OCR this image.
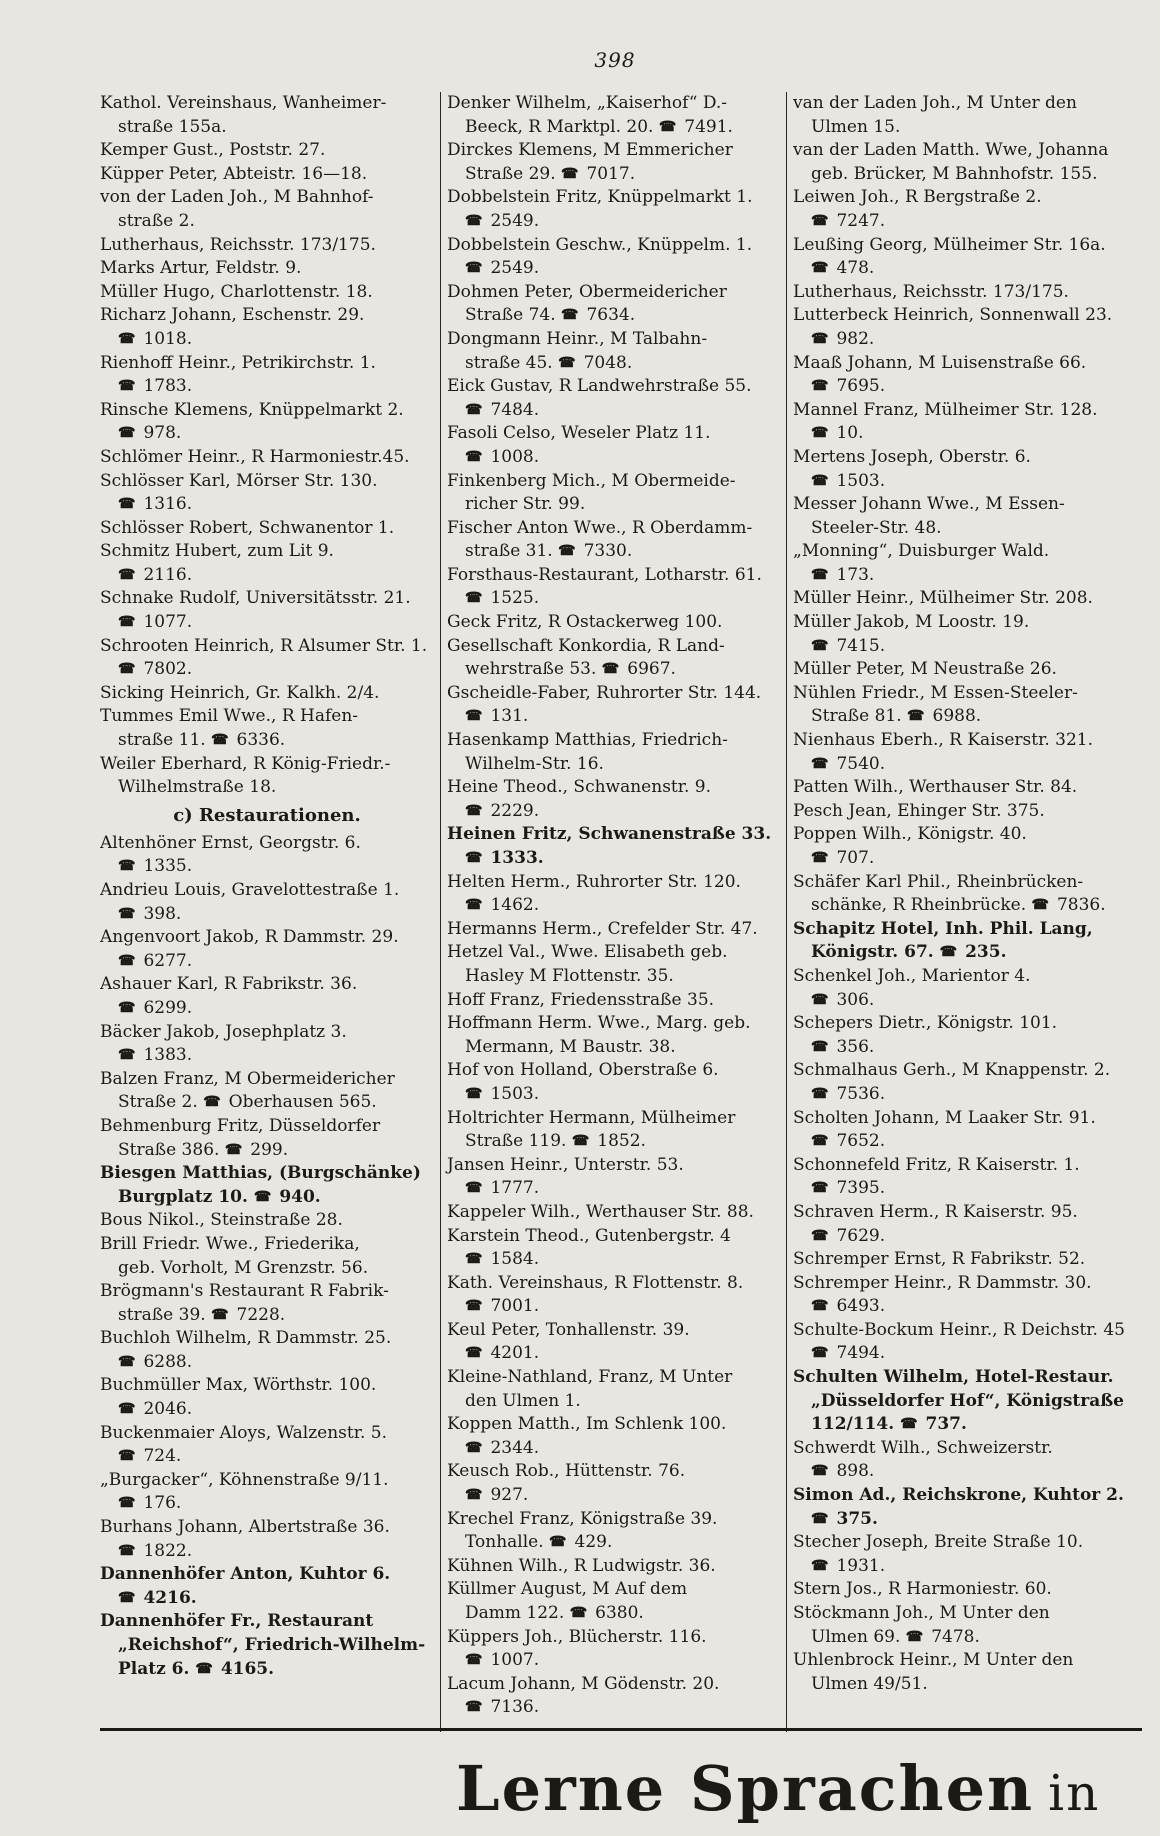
398
Kathol. Vereinshaus, Wanheimer-
straße 155a.
Kemper Gust., Poststr. 27.
Küpper Peter, Abteistr. 16—18.
von der Laden Joh., M Bahnhof-
straße 2.
Lutherhaus, Reichsstr. 173/175.
Marks Artur, Feldstr. 9.
Müller Hugo, Charlottenstr. 18.
Richarz Johann, Eschenstr. 29.
☎1018.
Rienhoff Heinr., Petrikirchstr. 1.
☎1783.
Rinsche Klemens, Knüppelmarkt 2.
☎978.
Schlömer Heinr., R Harmoniestr.45.
Schlösser Karl, Mörser Str. 130.
☎1316.
Schlösser Robert, Schwanentor 1.
Schmitz Hubert, zum Lit 9.
☎2116.
Schnake Rudolf, Universitätsstr. 21.
☎1077.
Schrooten Heinrich, R Alsumer Str. 1.
☎7802.
Sicking Heinrich, Gr. Kalkh. 2/4.
Tummes Emil Wwe., R Hafen-
straße 11. ☎ 6336.
Weiler Eberhard, R König-Friedr.-
Wilhelmstraße 18.
c) Restaurationen.
Altenhöner Ernst, Georgstr. 6.
☎1335.
Andrieu Louis, Gravelottestraße 1.
☎398.
Angenvoort Jakob, R Dammstr. 29.
☎6277.
Ashauer Karl, R Fabrikstr. 36.
☎6299.
Bäcker Jakob, Josephplatz 3.
☎1383.
Balzen Franz, M Obermeidericher
Straße 2. ☎ Oberhausen 565.
Behmenburg Fritz, Düsseldorfer
Straße 386. ☎ 299.
Biesgen Matthias, (Burgschänke)
Burgplatz 10. ☎ 940.
Bous Nikol., Steinstraße 28.
Brill Friedr. Wwe., Friederika,
geb. Vorholt, M Grenzstr. 56.
Brögmann's Restaurant R Fabrik-
straße 39. ☎ 7228.
Buchloh Wilhelm, R Dammstr. 25.
☎6288.
Buchmüller Max, Wörthstr. 100.
☎2046.
Buckenmaier Aloys, Walzenstr. 5.
☎724.
„Burgacker“, Köhnenstraße 9/11.
☎176.
Burhans Johann, Albertstraße 36.
☎1822.
Dannenhöfer Anton, Kuhtor 6.
☎4216.
Dannenhöfer Fr., Restaurant
„Reichshof“, Friedrich-Wilhelm-
Platz 6. ☎ 4165.
Denker Wilhelm, „Kaiserhof“ D.-
Beeck, R Marktpl. 20. ☎ 7491.
Dirckes Klemens, M Emmericher
Straße 29. ☎ 7017.
Dobbelstein Fritz, Knüppelmarkt 1.
☎2549.
Dobbelstein Geschw., Knüppelm. 1.
☎2549.
Dohmen Peter, Obermeidericher
Straße 74. ☎ 7634.
Dongmann Heinr., M Talbahn-
straße 45. ☎ 7048.
Eick Gustav, R Landwehrstraße 55.
☎7484.
Fasoli Celso, Weseler Platz 11.
☎1008.
Finkenberg Mich., M Obermeide-
richer Str. 99.
Fischer Anton Wwe., R Oberdamm-
straße 31. ☎ 7330.
Forsthaus-Restaurant, Lotharstr. 61.
☎1525.
Geck Fritz, R Ostackerweg 100.
Gesellschaft Konkordia, R Land-
wehrstraße 53. ☎ 6967.
Gscheidle-Faber, Ruhrorter Str. 144.
☎131.
Hasenkamp Matthias, Friedrich-
Wilhelm-Str. 16.
Heine Theod., Schwanenstr. 9.
☎2229.
Heinen Fritz, Schwanenstraße 33.
☎1333.
Helten Herm., Ruhrorter Str. 120.
☎1462.
Hermanns Herm., Crefelder Str. 47.
Hetzel Val., Wwe. Elisabeth geb.
Hasley M Flottenstr. 35.
Hoff Franz, Friedensstraße 35.
Hoffmann Herm. Wwe., Marg. geb.
Mermann, M Baustr. 38.
Hof von Holland, Oberstraße 6.
☎1503.
Holtrichter Hermann, Mülheimer
Straße 119. ☎ 1852.
Jansen Heinr., Unterstr. 53.
☎1777.
Kappeler Wilh., Werthauser Str. 88.
Karstein Theod., Gutenbergstr. 4
☎1584.
Kath. Vereinshaus, R Flottenstr. 8.
☎7001.
Keul Peter, Tonhallenstr. 39.
☎4201.
Kleine-Nathland, Franz, M Unter
den Ulmen 1.
Koppen Matth., Im Schlenk 100.
☎2344.
Keusch Rob., Hüttenstr. 76.
☎927.
Krechel Franz, Königstraße 39.
Tonhalle. ☎ 429.
Kühnen Wilh., R Ludwigstr. 36.
Küllmer August, M Auf dem
Damm 122. ☎ 6380.
Küppers Joh., Blücherstr. 116.
☎1007.
Lacum Johann, M Gödenstr. 20.
☎7136.
van der Laden Joh., M Unter den
Ulmen 15.
van der Laden Matth. Wwe, Johanna
geb. Brücker, M Bahnhofstr. 155.
Leiwen Joh., R Bergstraße 2.
☎7247.
Leußing Georg, Mülheimer Str. 16a.
☎478.
Lutherhaus, Reichsstr. 173/175.
Lutterbeck Heinrich, Sonnenwall 23.
☎982.
Maaß Johann, M Luisenstraße 66.
☎7695.
Mannel Franz, Mülheimer Str. 128.
☎10.
Mertens Joseph, Oberstr. 6.
☎1503.
Messer Johann Wwe., M Essen-
Steeler-Str. 48.
„Monning“, Duisburger Wald.
☎173.
Müller Heinr., Mülheimer Str. 208.
Müller Jakob, M Loostr. 19.
☎7415.
Müller Peter, M Neustraße 26.
Nühlen Friedr., M Essen-Steeler-
Straße 81. ☎ 6988.
Nienhaus Eberh., R Kaiserstr. 321.
☎7540.
Patten Wilh., Werthauser Str. 84.
Pesch Jean, Ehinger Str. 375.
Poppen Wilh., Königstr. 40.
☎707.
Schäfer Karl Phil., Rheinbrücken-
schänke, R Rheinbrücke. ☎ 7836.
Schapitz Hotel, Inh. Phil. Lang,
Königstr. 67. ☎ 235.
Schenkel Joh., Marientor 4.
☎306.
Schepers Dietr., Königstr. 101.
☎356.
Schmalhaus Gerh., M Knappenstr. 2.
☎7536.
Scholten Johann, M Laaker Str. 91.
☎7652.
Schonnefeld Fritz, R Kaiserstr. 1.
☎7395.
Schraven Herm., R Kaiserstr. 95.
☎7629.
Schremper Ernst, R Fabrikstr. 52.
Schremper Heinr., R Dammstr. 30.
☎6493.
Schulte-Bockum Heinr., R Deichstr. 45
☎7494.
Schulten Wilhelm, Hotel-Restaur.
„Düsseldorfer Hof“, Königstraße
112/114. ☎ 737.
Schwerdt Wilh., Schweizerstr.
☎898.
Simon Ad., Reichskrone, Kuhtor 2.
☎375.
Stecher Joseph, Breite Straße 10.
☎1931.
Stern Jos., R Harmoniestr. 60.
Stöckmann Joh., M Unter den
Ulmen 69. ☎ 7478.
Uhlenbrock Heinr., M Unter den
Ulmen 49/51.
Lerne Sprachen in
